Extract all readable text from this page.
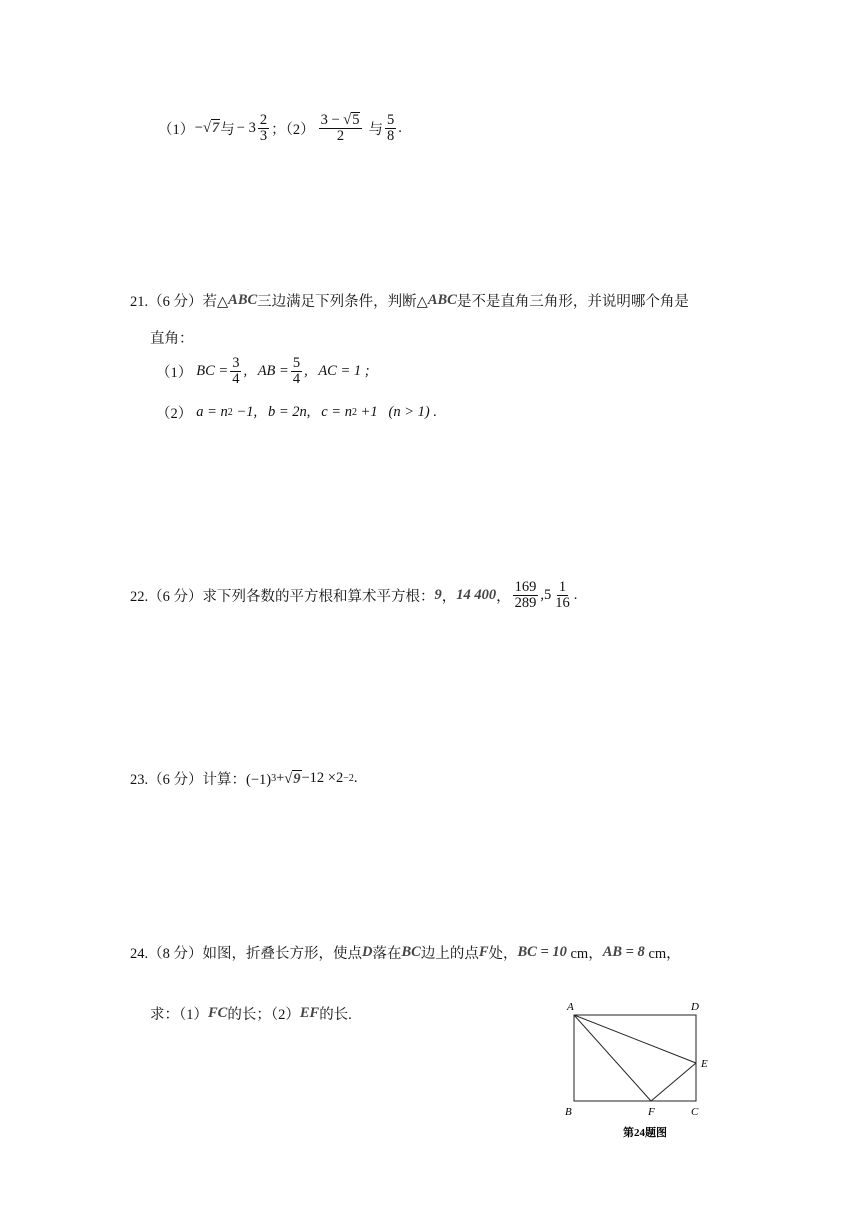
（1） − √ 7 与 − $3 \frac{2}{3}$ ；$(2) \frac{3 - √ 5}{2}$ 与 $\frac{5}{8}$ .
21.（6 分）若△ ABC 三边满足下列条件，判断△ ABC 是不是直角三角形，并说明哪个角是
直角：
（1） BC = $\frac{3}{4}$ ,   AB = $\frac{5}{4}$ ,   AC = 1 ;
（2） a = n 2 −1,   b = 2n,   c = n 2 +1   (n > 1) .
22.（6 分）求下列各数的平方根和算术平方根： 9 ， 14 400 ， $\frac{169}{289} ,5 \frac{1}{16}$ .
23.（6 分）计算：(−1) 3 + √ 9 −12 ×2 −2 .
24.（8 分）如图，折叠长方形，使点 D 落在 BC 边上的点 F 处， BC = 10 cm， AB = 8 cm，
求：（1） FC 的长；（2） EF 的长.	A	D
E
B	F	C
第24题图
